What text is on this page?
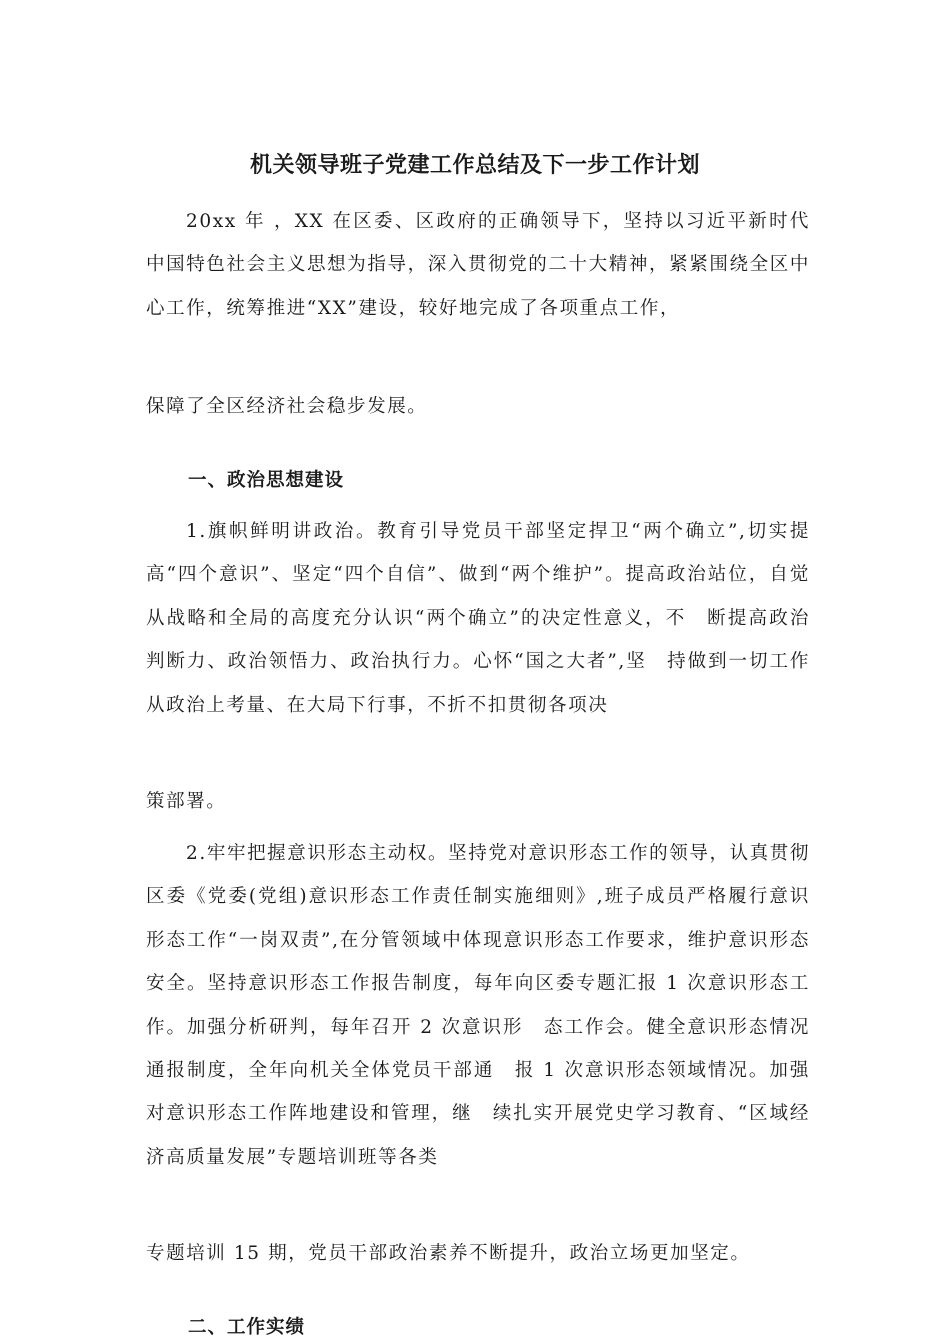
机关领导班子党建工作总结及下一步工作计划

20xx 年 ，XX 在区委、区政府的正确领导下，坚持以习近平新时代中国特色社会主义思想为指导，深入贯彻党的二十大精神，紧紧围绕全区中心工作，统筹推进“XX”建设，较好地完成了各项重点工作，

保障了全区经济社会稳步发展。

一、政治思想建设

1.旗帜鲜明讲政治。教育引导党员干部坚定捍卫“两个确立”,切实提高“四个意识”、坚定“四个自信”、做到“两个维护”。提高政治站位，自觉从战略和全局的高度充分认识“两个确立”的决定性意义，不　断提高政治判断力、政治领悟力、政治执行力。心怀“国之大者”,坚　持做到一切工作从政治上考量、在大局下行事，不折不扣贯彻各项决

策部署。

2.牢牢把握意识形态主动权。坚持党对意识形态工作的领导，认真贯彻区委《党委(党组)意识形态工作责任制实施细则》,班子成员严格履行意识形态工作“一岗双责”,在分管领域中体现意识形态工作要求，维护意识形态安全。坚持意识形态工作报告制度，每年向区委专题汇报 1 次意识形态工作。加强分析研判，每年召开 2 次意识形　态工作会。健全意识形态情况通报制度，全年向机关全体党员干部通　报 1 次意识形态领域情况。加强对意识形态工作阵地建设和管理，继　续扎实开展党史学习教育、“区域经济高质量发展”专题培训班等各类

专题培训 15 期，党员干部政治素养不断提升，政治立场更加坚定。

二、工作实绩
